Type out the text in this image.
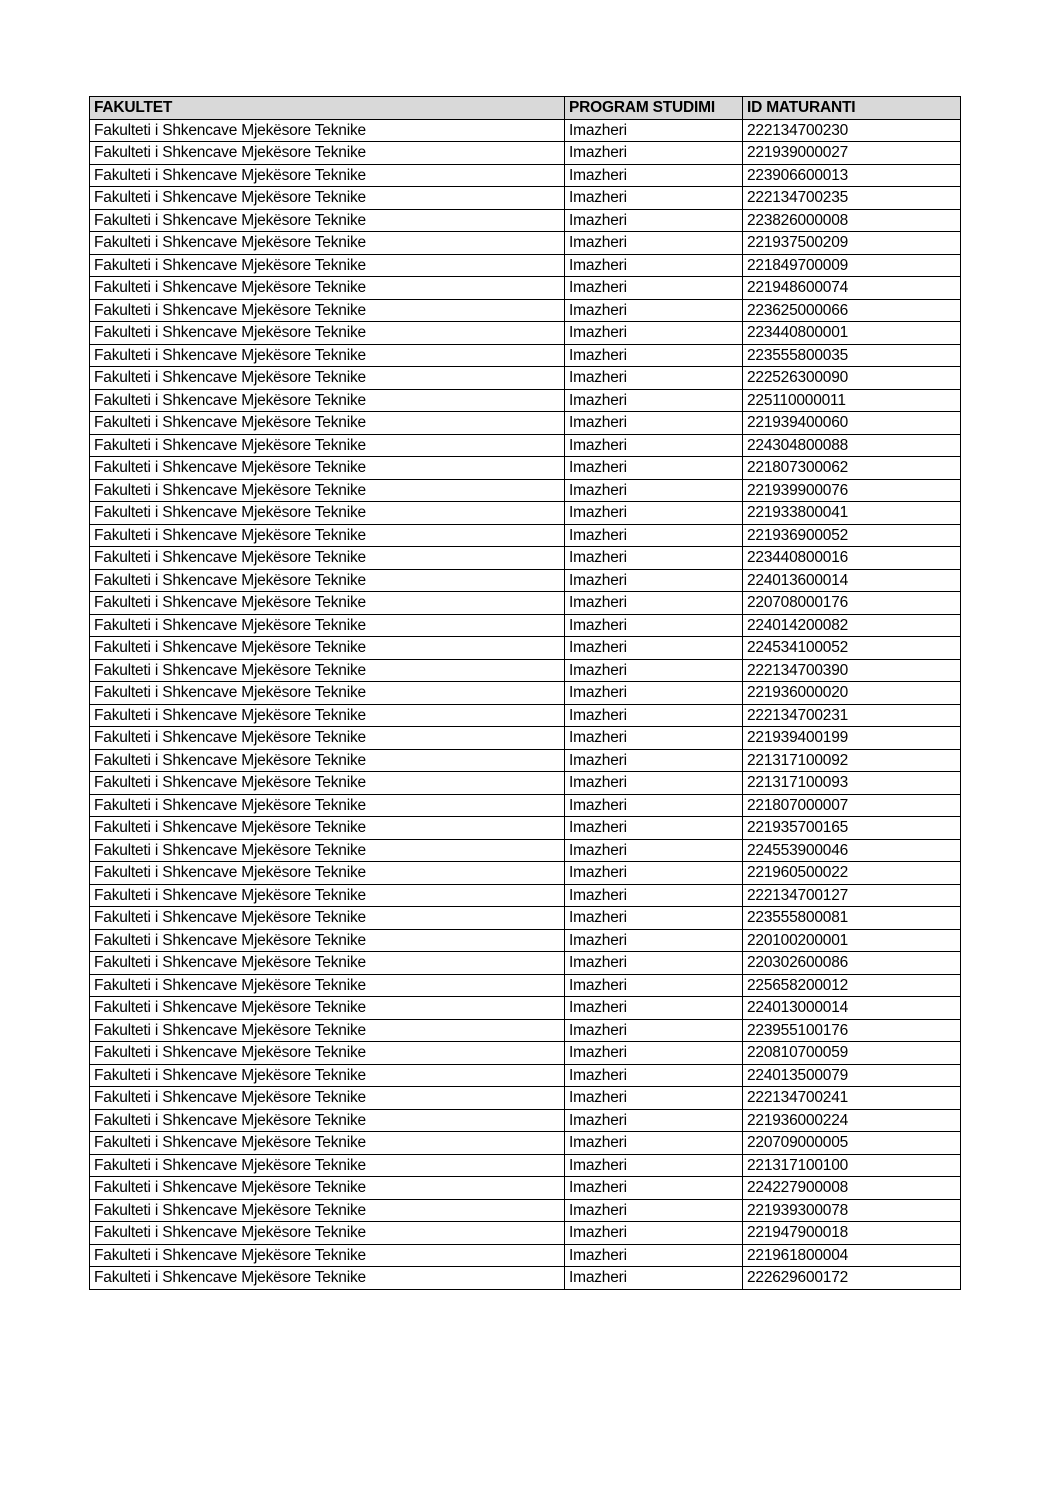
FAKULTET	PROGRAM STUDIMI	ID MATURANTI
Fakulteti i Shkencave Mjekësore Teknike	Imazheri	222134700230
Fakulteti i Shkencave Mjekësore Teknike	Imazheri	221939000027
Fakulteti i Shkencave Mjekësore Teknike	Imazheri	223906600013
Fakulteti i Shkencave Mjekësore Teknike	Imazheri	222134700235
Fakulteti i Shkencave Mjekësore Teknike	Imazheri	223826000008
Fakulteti i Shkencave Mjekësore Teknike	Imazheri	221937500209
Fakulteti i Shkencave Mjekësore Teknike	Imazheri	221849700009
Fakulteti i Shkencave Mjekësore Teknike	Imazheri	221948600074
Fakulteti i Shkencave Mjekësore Teknike	Imazheri	223625000066
Fakulteti i Shkencave Mjekësore Teknike	Imazheri	223440800001
Fakulteti i Shkencave Mjekësore Teknike	Imazheri	223555800035
Fakulteti i Shkencave Mjekësore Teknike	Imazheri	222526300090
Fakulteti i Shkencave Mjekësore Teknike	Imazheri	225110000011
Fakulteti i Shkencave Mjekësore Teknike	Imazheri	221939400060
Fakulteti i Shkencave Mjekësore Teknike	Imazheri	224304800088
Fakulteti i Shkencave Mjekësore Teknike	Imazheri	221807300062
Fakulteti i Shkencave Mjekësore Teknike	Imazheri	221939900076
Fakulteti i Shkencave Mjekësore Teknike	Imazheri	221933800041
Fakulteti i Shkencave Mjekësore Teknike	Imazheri	221936900052
Fakulteti i Shkencave Mjekësore Teknike	Imazheri	223440800016
Fakulteti i Shkencave Mjekësore Teknike	Imazheri	224013600014
Fakulteti i Shkencave Mjekësore Teknike	Imazheri	220708000176
Fakulteti i Shkencave Mjekësore Teknike	Imazheri	224014200082
Fakulteti i Shkencave Mjekësore Teknike	Imazheri	224534100052
Fakulteti i Shkencave Mjekësore Teknike	Imazheri	222134700390
Fakulteti i Shkencave Mjekësore Teknike	Imazheri	221936000020
Fakulteti i Shkencave Mjekësore Teknike	Imazheri	222134700231
Fakulteti i Shkencave Mjekësore Teknike	Imazheri	221939400199
Fakulteti i Shkencave Mjekësore Teknike	Imazheri	221317100092
Fakulteti i Shkencave Mjekësore Teknike	Imazheri	221317100093
Fakulteti i Shkencave Mjekësore Teknike	Imazheri	221807000007
Fakulteti i Shkencave Mjekësore Teknike	Imazheri	221935700165
Fakulteti i Shkencave Mjekësore Teknike	Imazheri	224553900046
Fakulteti i Shkencave Mjekësore Teknike	Imazheri	221960500022
Fakulteti i Shkencave Mjekësore Teknike	Imazheri	222134700127
Fakulteti i Shkencave Mjekësore Teknike	Imazheri	223555800081
Fakulteti i Shkencave Mjekësore Teknike	Imazheri	220100200001
Fakulteti i Shkencave Mjekësore Teknike	Imazheri	220302600086
Fakulteti i Shkencave Mjekësore Teknike	Imazheri	225658200012
Fakulteti i Shkencave Mjekësore Teknike	Imazheri	224013000014
Fakulteti i Shkencave Mjekësore Teknike	Imazheri	223955100176
Fakulteti i Shkencave Mjekësore Teknike	Imazheri	220810700059
Fakulteti i Shkencave Mjekësore Teknike	Imazheri	224013500079
Fakulteti i Shkencave Mjekësore Teknike	Imazheri	222134700241
Fakulteti i Shkencave Mjekësore Teknike	Imazheri	221936000224
Fakulteti i Shkencave Mjekësore Teknike	Imazheri	220709000005
Fakulteti i Shkencave Mjekësore Teknike	Imazheri	221317100100
Fakulteti i Shkencave Mjekësore Teknike	Imazheri	224227900008
Fakulteti i Shkencave Mjekësore Teknike	Imazheri	221939300078
Fakulteti i Shkencave Mjekësore Teknike	Imazheri	221947900018
Fakulteti i Shkencave Mjekësore Teknike	Imazheri	221961800004
Fakulteti i Shkencave Mjekësore Teknike	Imazheri	222629600172
